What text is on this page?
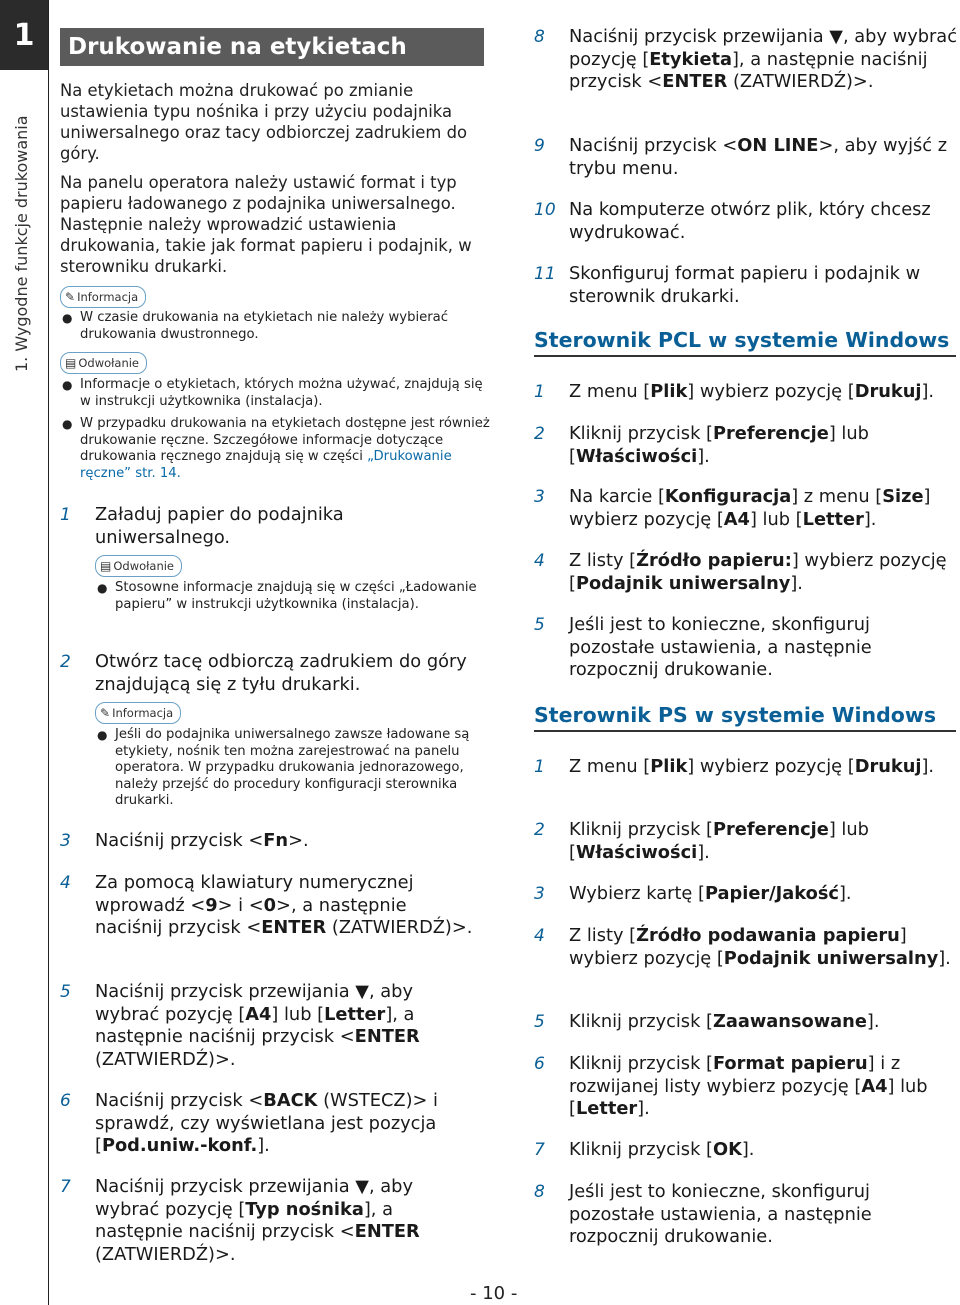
1
1. Wygodne funkcje drukowania
Drukowanie na etykietach

Na etykietach można drukować po zmianie ustawienia typu nośnika i przy użyciu podajnika uniwersalnego oraz tacy odbiorczej zadrukiem do góry.

Na panelu operatora należy ustawić format i typ papieru ładowanego z podajnika uniwersalnego. Następnie należy wprowadzić ustawienia drukowania, takie jak format papieru i podajnik, w sterowniku drukarki.

✎ Informacja
● W czasie drukowania na etykietach nie należy wybierać drukowania dwustronnego.
▤ Odwołanie
● Informacje o etykietach, których można używać, znajdują się w instrukcji użytkownika (instalacja).
● W przypadku drukowania na etykietach dostępne jest również drukowanie ręczne. Szczegółowe informacje dotyczące drukowania ręcznego znajdują się w części „Drukowanie ręczne” str. 14.
1 Załaduj papier do podajnika uniwersalnego.
▤ Odwołanie
● Stosowne informacje znajdują się w części „Ładowanie papieru” w instrukcji użytkownika (instalacja).
2 Otwórz tacę odbiorczą zadrukiem do góry znajdującą się z tyłu drukarki.
✎ Informacja
● Jeśli do podajnika uniwersalnego zawsze ładowane są etykiety, nośnik ten można zarejestrować na panelu operatora. W przypadku drukowania jednorazowego, należy przejść do procedury konfiguracji sterownika drukarki.
3 Naciśnij przycisk <Fn>.
4 Za pomocą klawiatury numerycznej wprowadź <9> i <0>, a następnie naciśnij przycisk <ENTER (ZATWIERDŹ)>.
5 Naciśnij przycisk przewijania ▼, aby wybrać pozycję [A4] lub [Letter], a następnie naciśnij przycisk <ENTER (ZATWIERDŹ)>.
6 Naciśnij przycisk <BACK (WSTECZ)> i sprawdź, czy wyświetlana jest pozycja [Pod.uniw.-konf.].
7 Naciśnij przycisk przewijania ▼, aby wybrać pozycję [Typ nośnika], a następnie naciśnij przycisk <ENTER (ZATWIERDŹ)>.
8 Naciśnij przycisk przewijania ▼, aby wybrać pozycję [Etykieta], a następnie naciśnij przycisk <ENTER (ZATWIERDŹ)>.
9 Naciśnij przycisk <ON LINE>, aby wyjść z trybu menu.
10 Na komputerze otwórz plik, który chcesz wydrukować.
11 Skonfiguruj format papieru i podajnik w sterownik drukarki.
Sterownik PCL w systemie Windows
1 Z menu [Plik] wybierz pozycję [Drukuj].
2 Kliknij przycisk [Preferencje] lub [Właściwości].
3 Na karcie [Konfiguracja] z menu [Size] wybierz pozycję [A4] lub [Letter].
4 Z listy [Źródło papieru:] wybierz pozycję [Podajnik uniwersalny].
5 Jeśli jest to konieczne, skonfiguruj pozostałe ustawienia, a następnie rozpocznij drukowanie.
Sterownik PS w systemie Windows
1 Z menu [Plik] wybierz pozycję [Drukuj].
2 Kliknij przycisk [Preferencje] lub [Właściwości].
3 Wybierz kartę [Papier/Jakość].
4 Z listy [Źródło podawania papieru] wybierz pozycję [Podajnik uniwersalny].
5 Kliknij przycisk [Zaawansowane].
6 Kliknij przycisk [Format papieru] i z rozwijanej listy wybierz pozycję [A4] lub [Letter].
7 Kliknij przycisk [OK].
8 Jeśli jest to konieczne, skonfiguruj pozostałe ustawienia, a następnie rozpocznij drukowanie.
- 10 -
